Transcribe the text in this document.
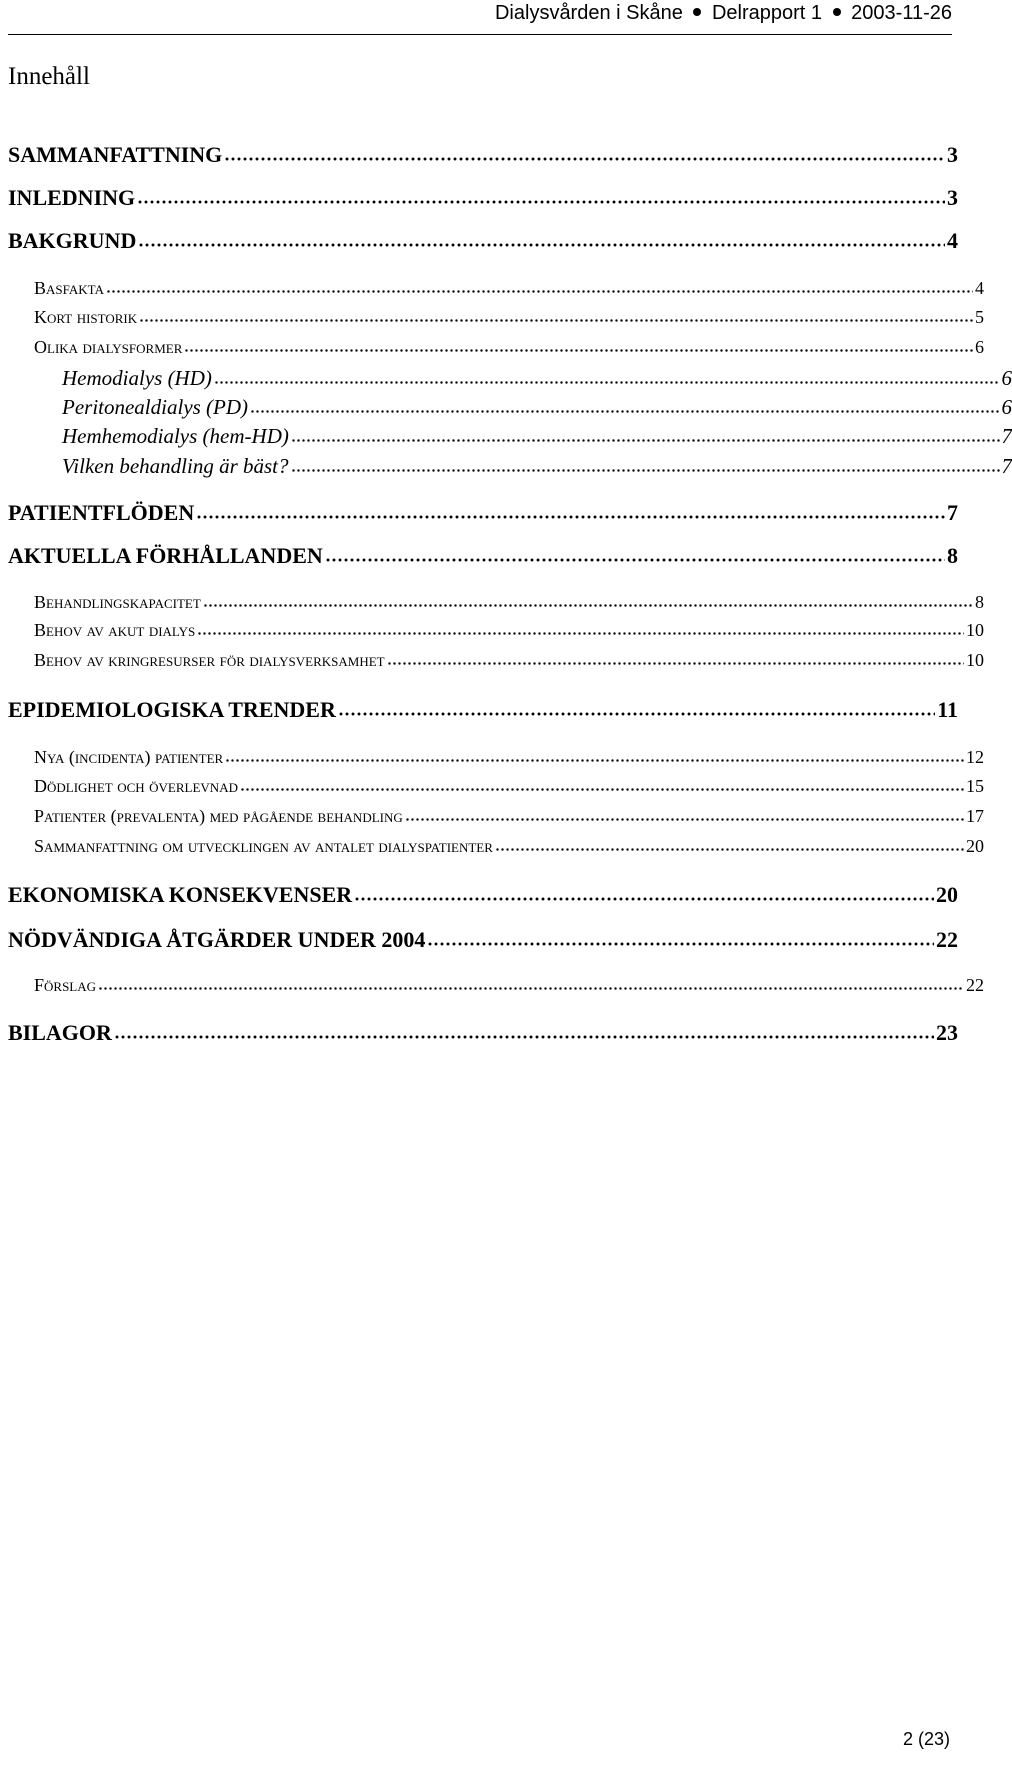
Dialysvården i Skåne Delrapport 1 2003-11-26
Innehåll
SAMMANFATTNING	3
INLEDNING	3
BAKGRUND	4
Basfakta	4
Kort historik	5
Olika dialysformer	6
Hemodialys (HD)	6
Peritonealdialys (PD)	6
Hemhemodialys (hem-HD)	7
Vilken behandling är bäst?	7
PATIENTFLÖDEN	7
AKTUELLA FÖRHÅLLANDEN	8
Behandlingskapacitet	8
Behov av akut dialys	10
Behov av kringresurser för dialysverksamhet	10
EPIDEMIOLOGISKA TRENDER	11
Nya (incidenta) patienter	12
Dödlighet och överlevnad	15
Patienter (prevalenta) med pågående behandling	17
Sammanfattning om utvecklingen av antalet dialyspatienter	20
EKONOMISKA KONSEKVENSER	20
NÖDVÄNDIGA ÅTGÄRDER UNDER 2004	22
Förslag	22
BILAGOR	23
2 (23)
